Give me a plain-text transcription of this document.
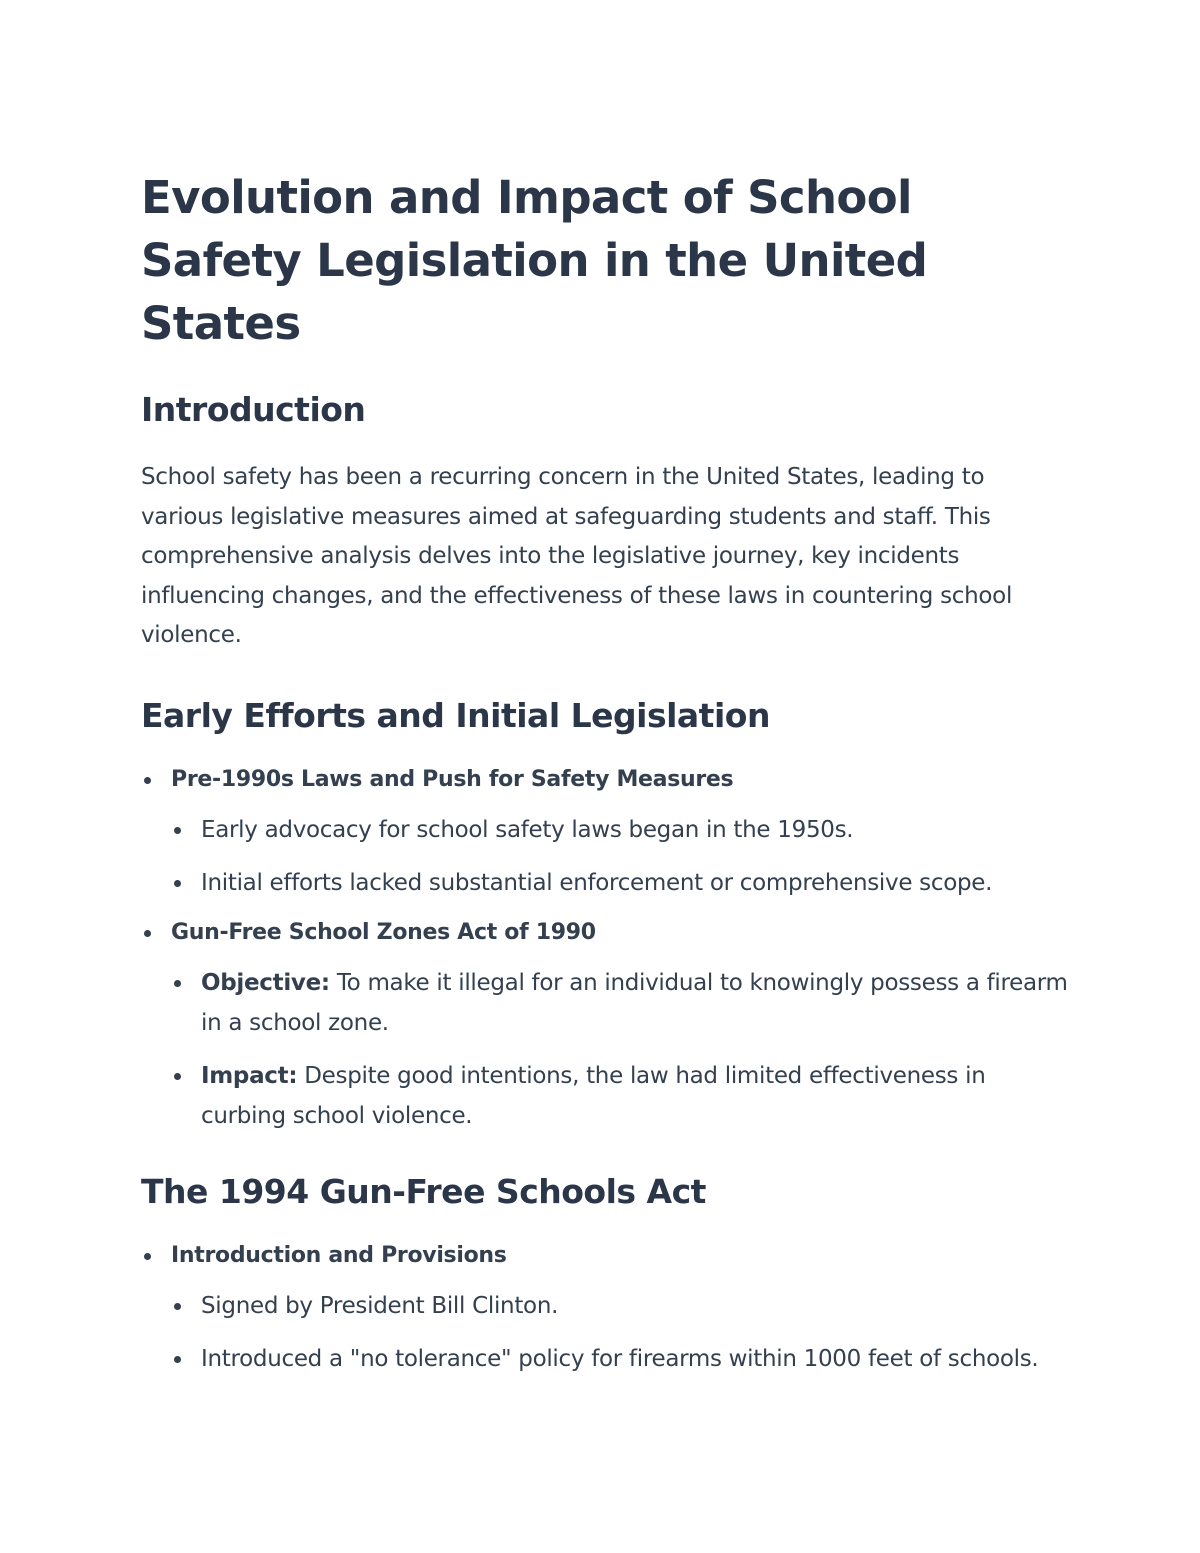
Evolution and Impact of School Safety Legislation in the United States
Introduction

School safety has been a recurring concern in the United States, leading to various legislative measures aimed at safeguarding students and staff. This comprehensive analysis delves into the legislative journey, key incidents influencing changes, and the effectiveness of these laws in countering school violence.

Early Efforts and Initial Legislation
Pre-1990s Laws and Push for Safety Measures
Early advocacy for school safety laws began in the 1950s.
Initial efforts lacked substantial enforcement or comprehensive scope.
Gun-Free School Zones Act of 1990
Objective: To make it illegal for an individual to knowingly possess a firearm in a school zone.
Impact: Despite good intentions, the law had limited effectiveness in curbing school violence.
The 1994 Gun-Free Schools Act
Introduction and Provisions
Signed by President Bill Clinton.
Introduced a "no tolerance" policy for firearms within 1000 feet of schools.
